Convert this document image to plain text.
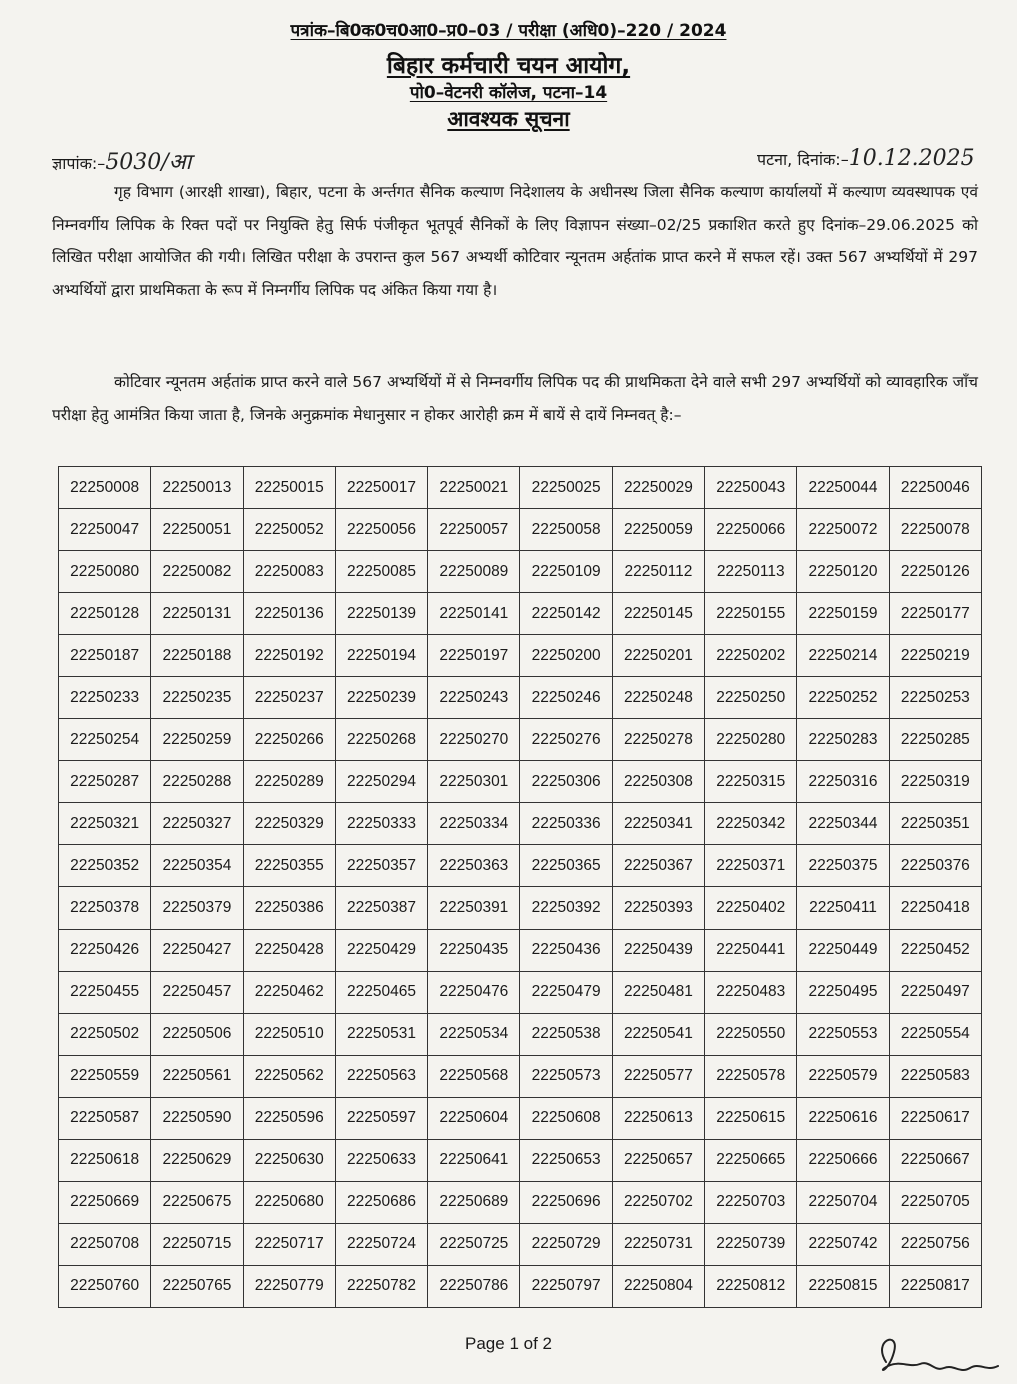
पत्रांक–बि0क0च0आ0–प्र0–03 / परीक्षा (अधि0)–220 / 2024
बिहार कर्मचारी चयन आयोग,
पो0–वेटनरी कॉलेज, पटना–14
आवश्यक सूचना
ज्ञापांक:–5030/आ	पटना, दिनांक:–10.12.2025

गृह विभाग (आरक्षी शाखा), बिहार, पटना के अर्न्तगत सैनिक कल्याण निदेशालय के अधीनस्थ जिला सैनिक कल्याण कार्यालयों में कल्याण व्यवस्थापक एवं निम्नवर्गीय लिपिक के रिक्त पदों पर नियुक्ति हेतु सिर्फ पंजीकृत भूतपूर्व सैनिकों के लिए विज्ञापन संख्या–02/25 प्रकाशित करते हुए दिनांक–29.06.2025 को लिखित परीक्षा आयोजित की गयी। लिखित परीक्षा के उपरान्त कुल 567 अभ्यर्थी कोटिवार न्यूनतम अर्हतांक प्राप्त करने में सफल रहें। उक्त 567 अभ्यर्थियों में 297 अभ्यर्थियों द्वारा प्राथमिकता के रूप में निम्नर्गीय लिपिक पद अंकित किया गया है।

कोटिवार न्यूनतम अर्हतांक प्राप्त करने वाले 567 अभ्यर्थियों में से निम्नवर्गीय लिपिक पद की प्राथमिकता देने वाले सभी 297 अभ्यर्थियों को व्यावहारिक जाँच परीक्षा हेतु आमंत्रित किया जाता है, जिनके अनुक्रमांक मेधानुसार न होकर आरोही क्रम में बायें से दायें निम्नवत् है:–

22250008	22250013	22250015	22250017	22250021	22250025	22250029	22250043	22250044	22250046
22250047	22250051	22250052	22250056	22250057	22250058	22250059	22250066	22250072	22250078
22250080	22250082	22250083	22250085	22250089	22250109	22250112	22250113	22250120	22250126
22250128	22250131	22250136	22250139	22250141	22250142	22250145	22250155	22250159	22250177
22250187	22250188	22250192	22250194	22250197	22250200	22250201	22250202	22250214	22250219
22250233	22250235	22250237	22250239	22250243	22250246	22250248	22250250	22250252	22250253
22250254	22250259	22250266	22250268	22250270	22250276	22250278	22250280	22250283	22250285
22250287	22250288	22250289	22250294	22250301	22250306	22250308	22250315	22250316	22250319
22250321	22250327	22250329	22250333	22250334	22250336	22250341	22250342	22250344	22250351
22250352	22250354	22250355	22250357	22250363	22250365	22250367	22250371	22250375	22250376
22250378	22250379	22250386	22250387	22250391	22250392	22250393	22250402	22250411	22250418
22250426	22250427	22250428	22250429	22250435	22250436	22250439	22250441	22250449	22250452
22250455	22250457	22250462	22250465	22250476	22250479	22250481	22250483	22250495	22250497
22250502	22250506	22250510	22250531	22250534	22250538	22250541	22250550	22250553	22250554
22250559	22250561	22250562	22250563	22250568	22250573	22250577	22250578	22250579	22250583
22250587	22250590	22250596	22250597	22250604	22250608	22250613	22250615	22250616	22250617
22250618	22250629	22250630	22250633	22250641	22250653	22250657	22250665	22250666	22250667
22250669	22250675	22250680	22250686	22250689	22250696	22250702	22250703	22250704	22250705
22250708	22250715	22250717	22250724	22250725	22250729	22250731	22250739	22250742	22250756
22250760	22250765	22250779	22250782	22250786	22250797	22250804	22250812	22250815	22250817
Page 1 of 2
